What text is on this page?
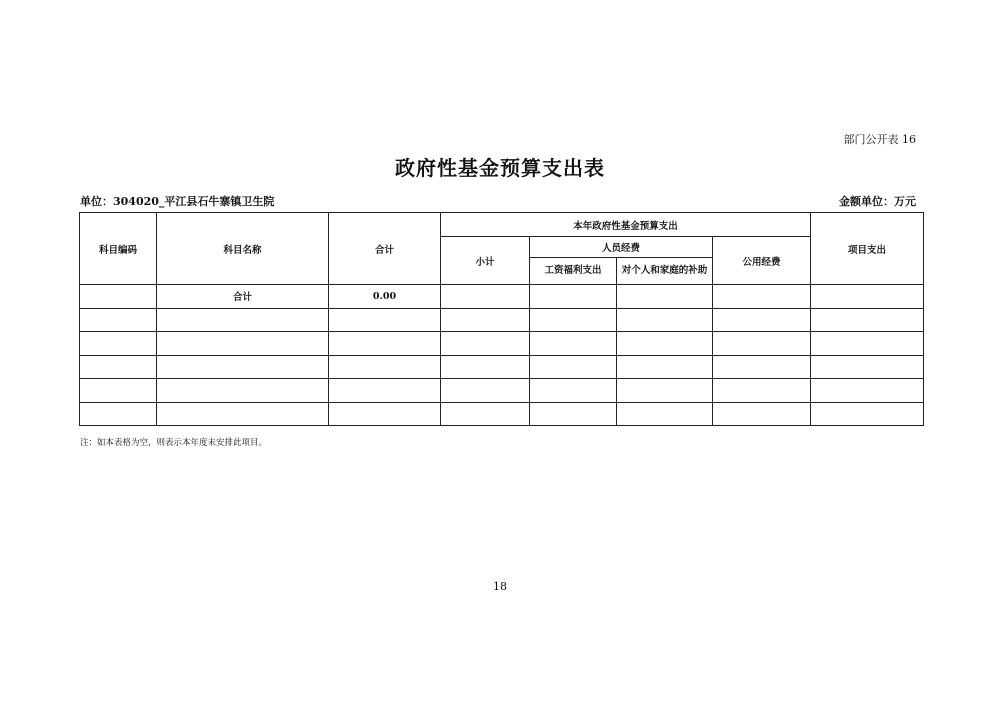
部门公开表 16
政府性基金预算支出表
单位：304020_平江县石牛寨镇卫生院	金额单位：万元
科目编码	科目名称	合计	本年政府性基金预算支出				项目支出
			小计	人员经费		公用经费	
				工资福利支出	对个人和家庭的补助		
	合计	0.00					

注：如本表格为空，则表示本年度未安排此项目。
18
